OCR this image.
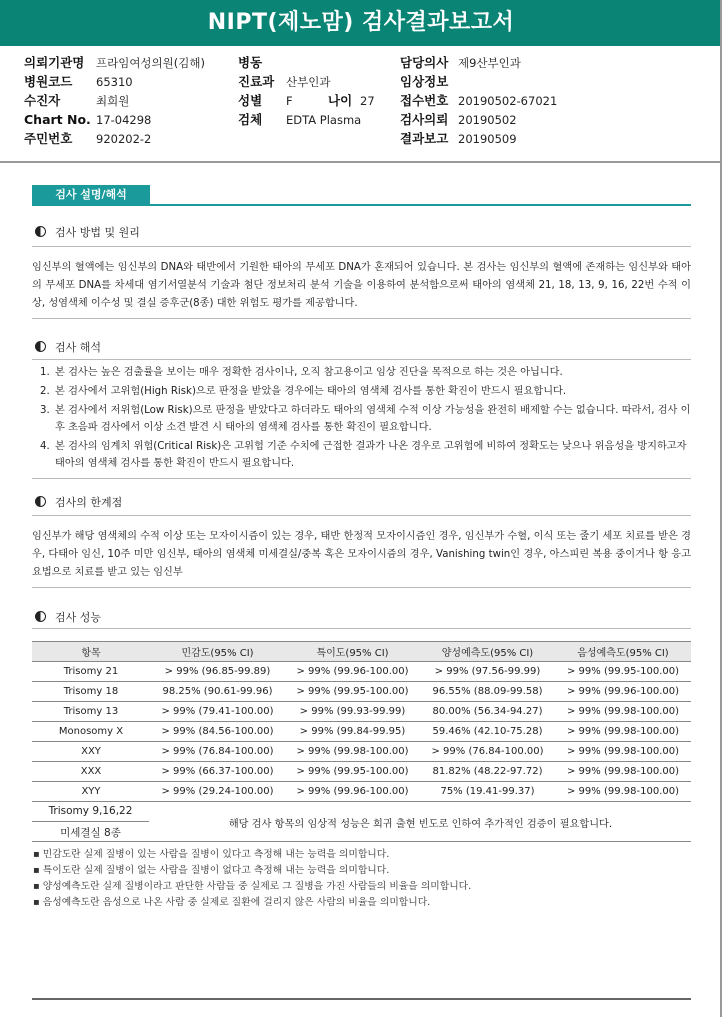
NIPT(제노맘) 검사결과보고서
의뢰기관명 프라임여성의원(김해)
병원코드 65310
수진자	최희원
Chart No. 17-04298
주민번호 920202-2
병동
진료과 산부인과
성별 F	나이 27
검체 EDTA Plasma
담당의사 제9산부인과
임상정보
접수번호 20190502-67021
검사의뢰 20190502
결과보고 20190509
검사 설명/해석
검사 방법 및 원리
임신부의 혈액에는 임신부의 DNA와 태반에서 기원한 태아의 무세포 DNA가 혼재되어 있습니다. 본 검사는 임신부의 혈액에 존재하는 임신부와 태아의 무세포 DNA를 차세대 염기서열분석 기술과 첨단 정보처리 분석 기술을 이용하여 분석함으로써 태아의 염색체 21, 18, 13, 9, 16, 22번 수적 이상, 성염색체 이수성 및 결실 증후군(8종) 대한 위험도 평가를 제공합니다.
검사 해석
1. 본 검사는 높은 검출률을 보이는 매우 정확한 검사이나, 오직 참고용이고 임상 진단을 목적으로 하는 것은 아닙니다.
2. 본 검사에서 고위험(High Risk)으로 판정을 받았을 경우에는 태아의 염색체 검사를 통한 확진이 반드시 필요합니다.
3. 본 검사에서 저위험(Low Risk)으로 판정을 받았다고 하더라도 태아의 염색체 수적 이상 가능성을 완전히 배제할 수는 없습니다. 따라서, 검사 이후 초음파 검사에서 이상 소견 발견 시 태아의 염색체 검사를 통한 확진이 필요합니다.
4. 본 검사의 임계치 위험(Critical Risk)은 고위험 기준 수치에 근접한 결과가 나온 경우로 고위험에 비하여 정확도는 낮으나 위음성을 방지하고자 태아의 염색체 검사를 통한 확진이 반드시 필요합니다.
검사의 한계점
임신부가 해당 염색체의 수적 이상 또는 모자이시즘이 있는 경우, 태반 한정적 모자이시즘인 경우, 임신부가 수혈, 이식 또는 줄기 세포 치료를 받은 경우, 다태아 임신, 10주 미만 임신부, 태아의 염색체 미세결실/중복 혹은 모자이시즘의 경우, Vanishing twin인 경우, 아스피린 복용 중이거나 항 응고 요법으로 치료를 받고 있는 임신부
검사 성능
항목	민감도(95% CI)	특이도(95% CI)	양성예측도(95% CI)	음성예측도(95% CI)
Trisomy 21	> 99% (96.85-99.89)	> 99% (99.96-100.00)	> 99% (97.56-99.99)	> 99% (99.95-100.00)
Trisomy 18	98.25% (90.61-99.96)	> 99% (99.95-100.00)	96.55% (88.09-99.58)	> 99% (99.96-100.00)
Trisomy 13	> 99% (79.41-100.00)	> 99% (99.93-99.99)	80.00% (56.34-94.27)	> 99% (99.98-100.00)
Monosomy X	> 99% (84.56-100.00)	> 99% (99.84-99.95)	59.46% (42.10-75.28)	> 99% (99.98-100.00)
XXY	> 99% (76.84-100.00)	> 99% (99.98-100.00)	> 99% (76.84-100.00)	> 99% (99.98-100.00)
XXX	> 99% (66.37-100.00)	> 99% (99.95-100.00)	81.82% (48.22-97.72)	> 99% (99.98-100.00)
XYY	> 99% (29.24-100.00)	> 99% (99.96-100.00)	75% (19.41-99.37)	> 99% (99.98-100.00)
Trisomy 9,16,22
미세결실 8종
해당 검사 항목의 임상적 성능은 희귀 출현 빈도로 인하여 추가적인 검증이 필요합니다.
▪ 민감도란 실제 질병이 있는 사람을 질병이 있다고 측정해 내는 능력을 의미합니다.
▪ 특이도란 실제 질병이 없는 사람을 질병이 없다고 측정해 내는 능력을 의미합니다.
▪ 양성예측도란 실제 질병이라고 판단한 사람들 중 실제로 그 질병을 가진 사람들의 비율을 의미합니다.
▪ 음성예측도란 음성으로 나온 사람 중 실제로 질환에 걸리지 않은 사람의 비율을 의미합니다.
